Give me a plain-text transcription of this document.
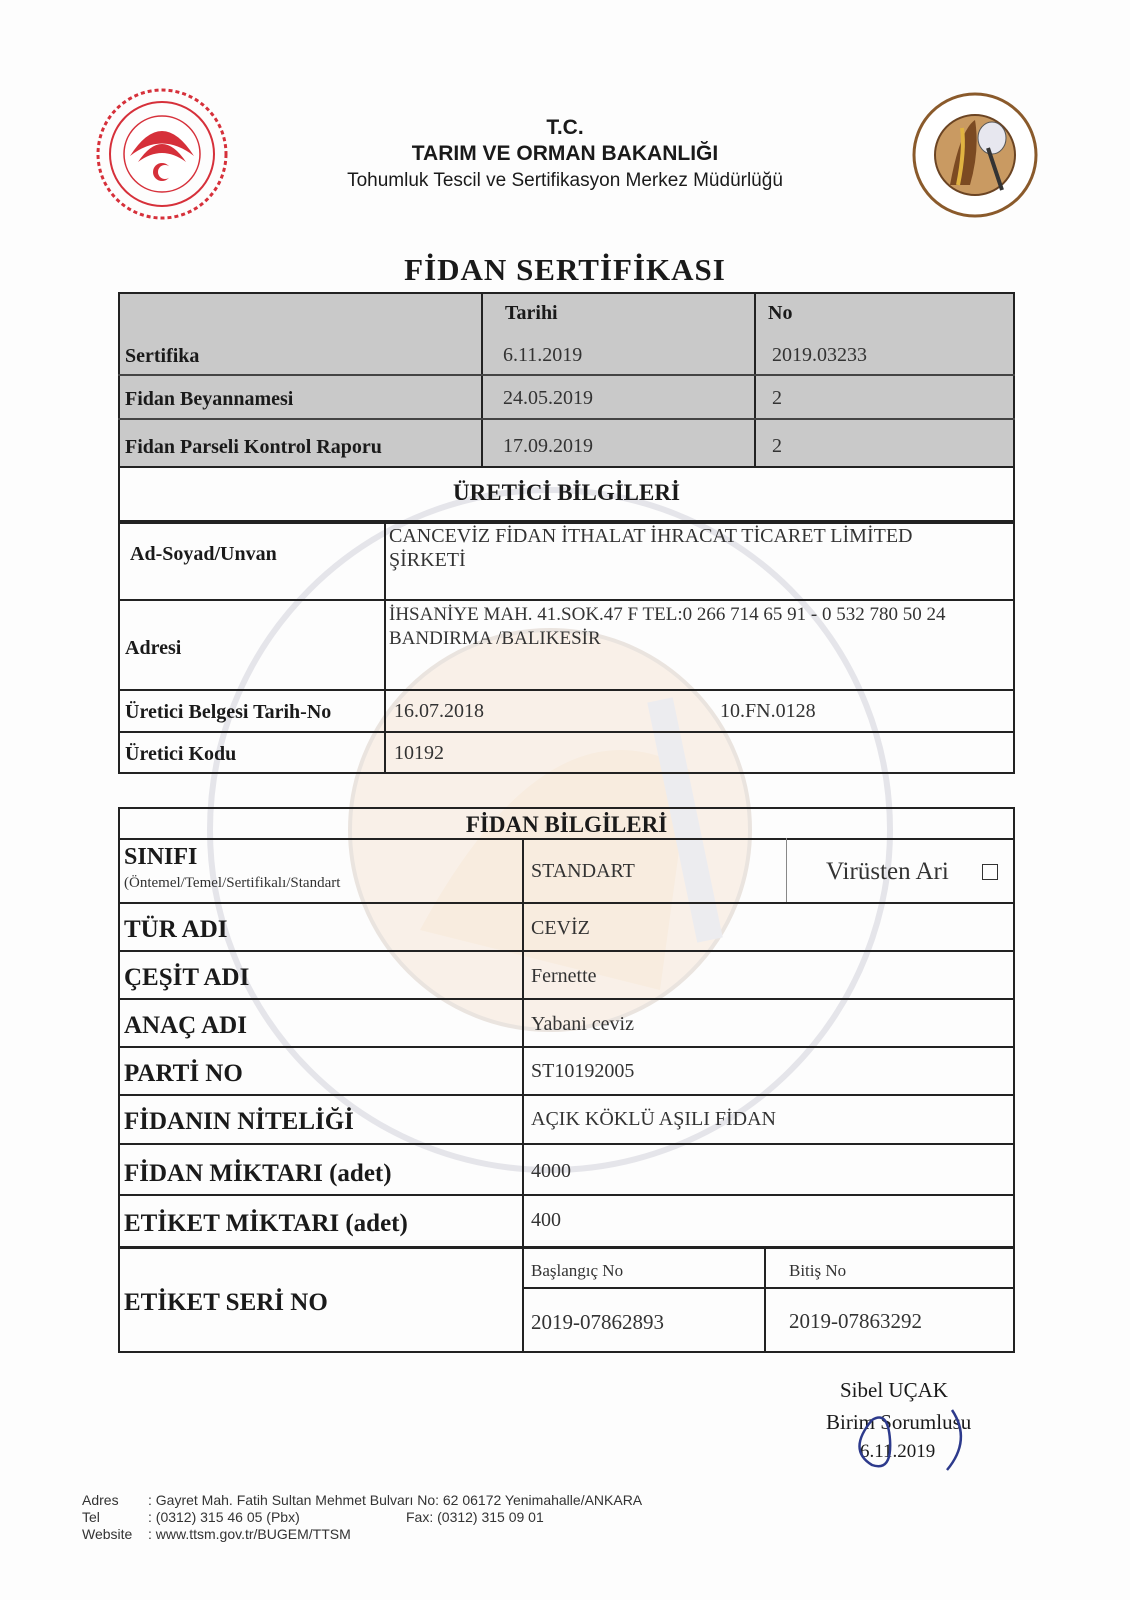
T.C.
TARIM VE ORMAN BAKANLIĞI
Tohumluk Tescil ve Sertifikasyon Merkez Müdürlüğü
FİDAN SERTİFİKASI
Tarihi	No
Sertifika	6.11.2019	2019.03233
Fidan Beyannamesi	24.05.2019	2
Fidan Parseli Kontrol Raporu	17.09.2019	2
ÜRETİCİ BİLGİLERİ
Ad-Soyad/Unvan
CANCEVİZ FİDAN İTHALAT İHRACAT TİCARET LİMİTED
ŞİRKETİ
Adresi
İHSANİYE MAH. 41.SOK.47 F TEL:0 266 714 65 91 - 0 532 780 50 24
BANDIRMA /BALIKESİR
Üretici Belgesi Tarih-No	16.07.2018	10.FN.0128
Üretici Kodu	10192
FİDAN BİLGİLERİ
SINIFI
(Öntemel/Temel/Sertifikalı/Standart
STANDART	Virüsten Ari
TÜR ADI	CEVİZ
ÇEŞİT ADI	Fernette
ANAÇ ADI	Yabani ceviz
PARTİ NO	ST10192005
FİDANIN NİTELİĞİ	AÇIK KÖKLÜ AŞILI FİDAN
FİDAN MİKTARI (adet)	4000
ETİKET MİKTARI (adet)	400
ETİKET SERİ NO
Başlangıç No	Bitiş No
2019-07862893	2019-07863292
Sibel UÇAK
Birim Sorumlusu
6.11.2019
Adres	: Gayret Mah. Fatih Sultan Mehmet Bulvarı No: 62 06172 Yenimahalle/ANKARA	
Tel	: (0312) 315 46 05 (Pbx)	Fax: (0312) 315 09 01
Website	: www.ttsm.gov.tr/BUGEM/TTSM	
